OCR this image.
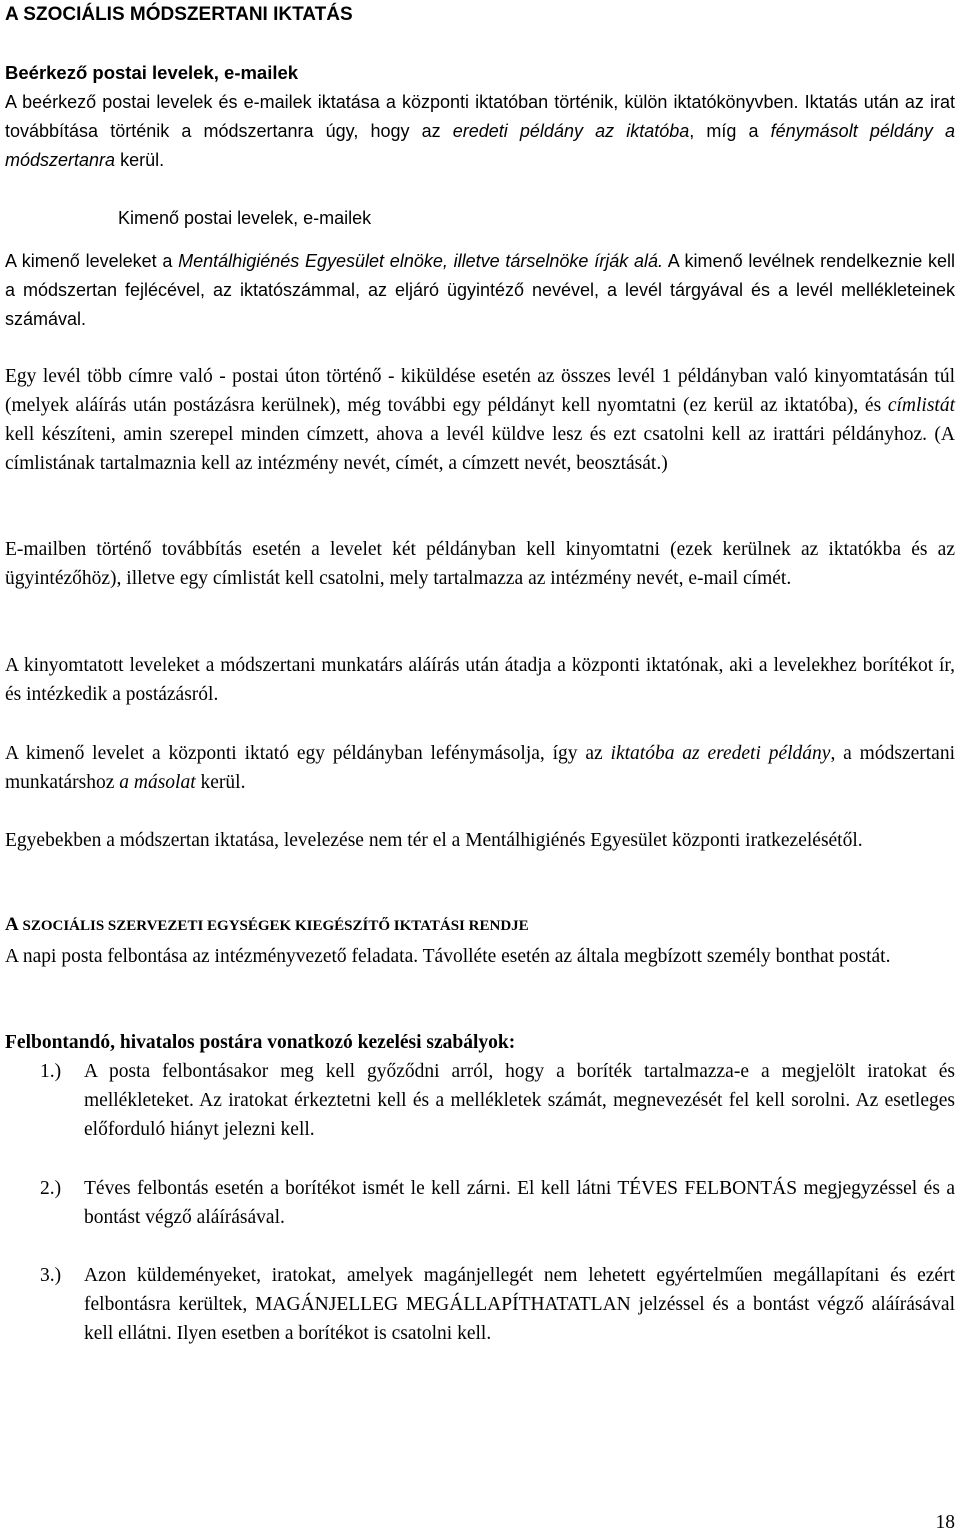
A SZOCIÁLIS MÓDSZERTANI IKTATÁS
Beérkező postai levelek, e-mailek
A beérkező postai levelek és e-mailek iktatása a központi iktatóban történik, külön iktatókönyvben. Iktatás után az irat továbbítása történik a módszertanra úgy, hogy az eredeti példány az iktatóba, míg a fénymásolt példány a módszertanra kerül.
Kimenő postai levelek, e-mailek
A kimenő leveleket a Mentálhigiénés Egyesület elnöke, illetve társelnöke írják alá. A kimenő levélnek rendelkeznie kell a módszertan fejlécével, az iktatószámmal, az eljáró ügyintéző nevével, a levél tárgyával és a levél mellékleteinek számával.
Egy levél több címre való - postai úton történő - kiküldése esetén az összes levél 1 példányban való kinyomtatásán túl (melyek aláírás után postázásra kerülnek), még további egy példányt kell nyomtatni (ez kerül az iktatóba), és címlistát kell készíteni, amin szerepel minden címzett, ahova a levél küldve lesz és ezt csatolni kell az irattári példányhoz. (A címlistának tartalmaznia kell az intézmény nevét, címét, a címzett nevét, beosztását.)
E-mailben történő továbbítás esetén a levelet két példányban kell kinyomtatni (ezek kerülnek az iktatókba és az ügyintézőhöz), illetve egy címlistát kell csatolni, mely tartalmazza az intézmény nevét, e-mail címét.
A kinyomtatott leveleket a módszertani munkatárs aláírás után átadja a központi iktatónak, aki a levelekhez borítékot ír, és intézkedik a postázásról.
A kimenő levelet a központi iktató egy példányban lefénymásolja, így az iktatóba az eredeti példány, a módszertani munkatárshoz a másolat kerül.
Egyebekben a módszertan iktatása, levelezése nem tér el a Mentálhigiénés Egyesület központi iratkezelésétől.
A SZOCIÁLIS SZERVEZETI EGYSÉGEK KIEGÉSZÍTŐ IKTATÁSI RENDJE
A napi posta felbontása az intézményvezető feladata. Távolléte esetén az általa megbízott személy bonthat postát.
Felbontandó, hivatalos postára vonatkozó kezelési szabályok:
1.)	A posta felbontásakor meg kell győződni arról, hogy a boríték tartalmazza-e a megjelölt iratokat és mellékleteket. Az iratokat érkeztetni kell és a mellékletek számát, megnevezését fel kell sorolni. Az esetleges előforduló hiányt jelezni kell.
2.)	Téves felbontás esetén a borítékot ismét le kell zárni. El kell látni TÉVES FELBONTÁS megjegyzéssel és a bontást végző aláírásával.
3.)	Azon küldeményeket, iratokat, amelyek magánjellegét nem lehetett egyértelműen megállapítani és ezért felbontásra kerültek, MAGÁNJELLEG MEGÁLLAPÍTHATATLAN jelzéssel és a bontást végző aláírásával kell ellátni. Ilyen esetben a borítékot is csatolni kell.
18
